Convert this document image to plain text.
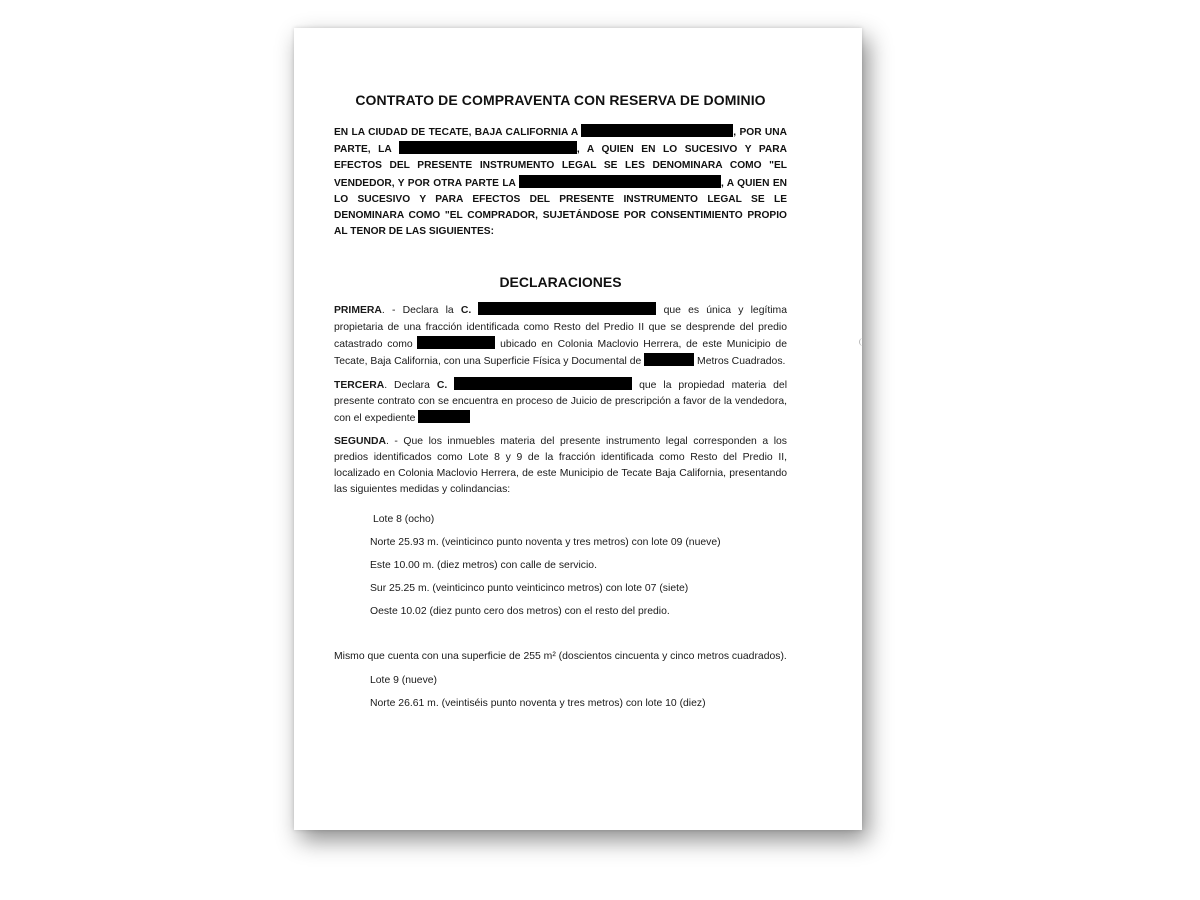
CONTRATO DE COMPRAVENTA CON RESERVA DE DOMINIO

EN LA CIUDAD DE TECATE, BAJA CALIFORNIA A	, POR UNA PARTE, LA	, A QUIEN EN LO SUCESIVO Y PARA EFECTOS DEL PRESENTE INSTRUMENTO LEGAL SE LES DENOMINARA COMO "EL VENDEDOR, Y POR OTRA PARTE LA	, A QUIEN EN LO SUCESIVO Y PARA EFECTOS DEL PRESENTE INSTRUMENTO LEGAL SE LE DENOMINARA COMO "EL COMPRADOR, SUJETÁNDOSE POR CONSENTIMIENTO PROPIO AL TENOR DE LAS SIGUIENTES:

DECLARACIONES

PRIMERA. - Declara la C.	que es única y legítima propietaria de una fracción identificada como Resto del Predio II que se desprende del predio catastrado como	ubicado en Colonia Maclovio Herrera, de este Municipio de Tecate, Baja California, con una Superficie Física y Documental de	Metros Cuadrados.

TERCERA. Declara C.	que la propiedad materia del presente contrato con se encuentra en proceso de Juicio de prescripción a favor de la vendedora, con el expediente

SEGUNDA. - Que los inmuebles materia del presente instrumento legal corresponden a los predios identificados como Lote 8 y 9 de la fracción identificada como Resto del Predio II, localizado en Colonia Maclovio Herrera, de este Municipio de Tecate Baja California, presentando las siguientes medidas y colindancias:

Lote 8 (ocho)

Norte 25.93 m. (veinticinco punto noventa y tres metros) con lote 09 (nueve)

Este 10.00 m. (diez metros) con calle de servicio.

Sur 25.25 m. (veinticinco punto veinticinco metros) con lote 07 (siete)

Oeste 10.02 (diez punto cero dos metros) con el resto del predio.

Mismo que cuenta con una superficie de 255 m² (doscientos cincuenta y cinco metros cuadrados).

Lote 9 (nueve)

Norte 26.61 m. (veintiséis punto noventa y tres metros) con lote 10 (diez)
